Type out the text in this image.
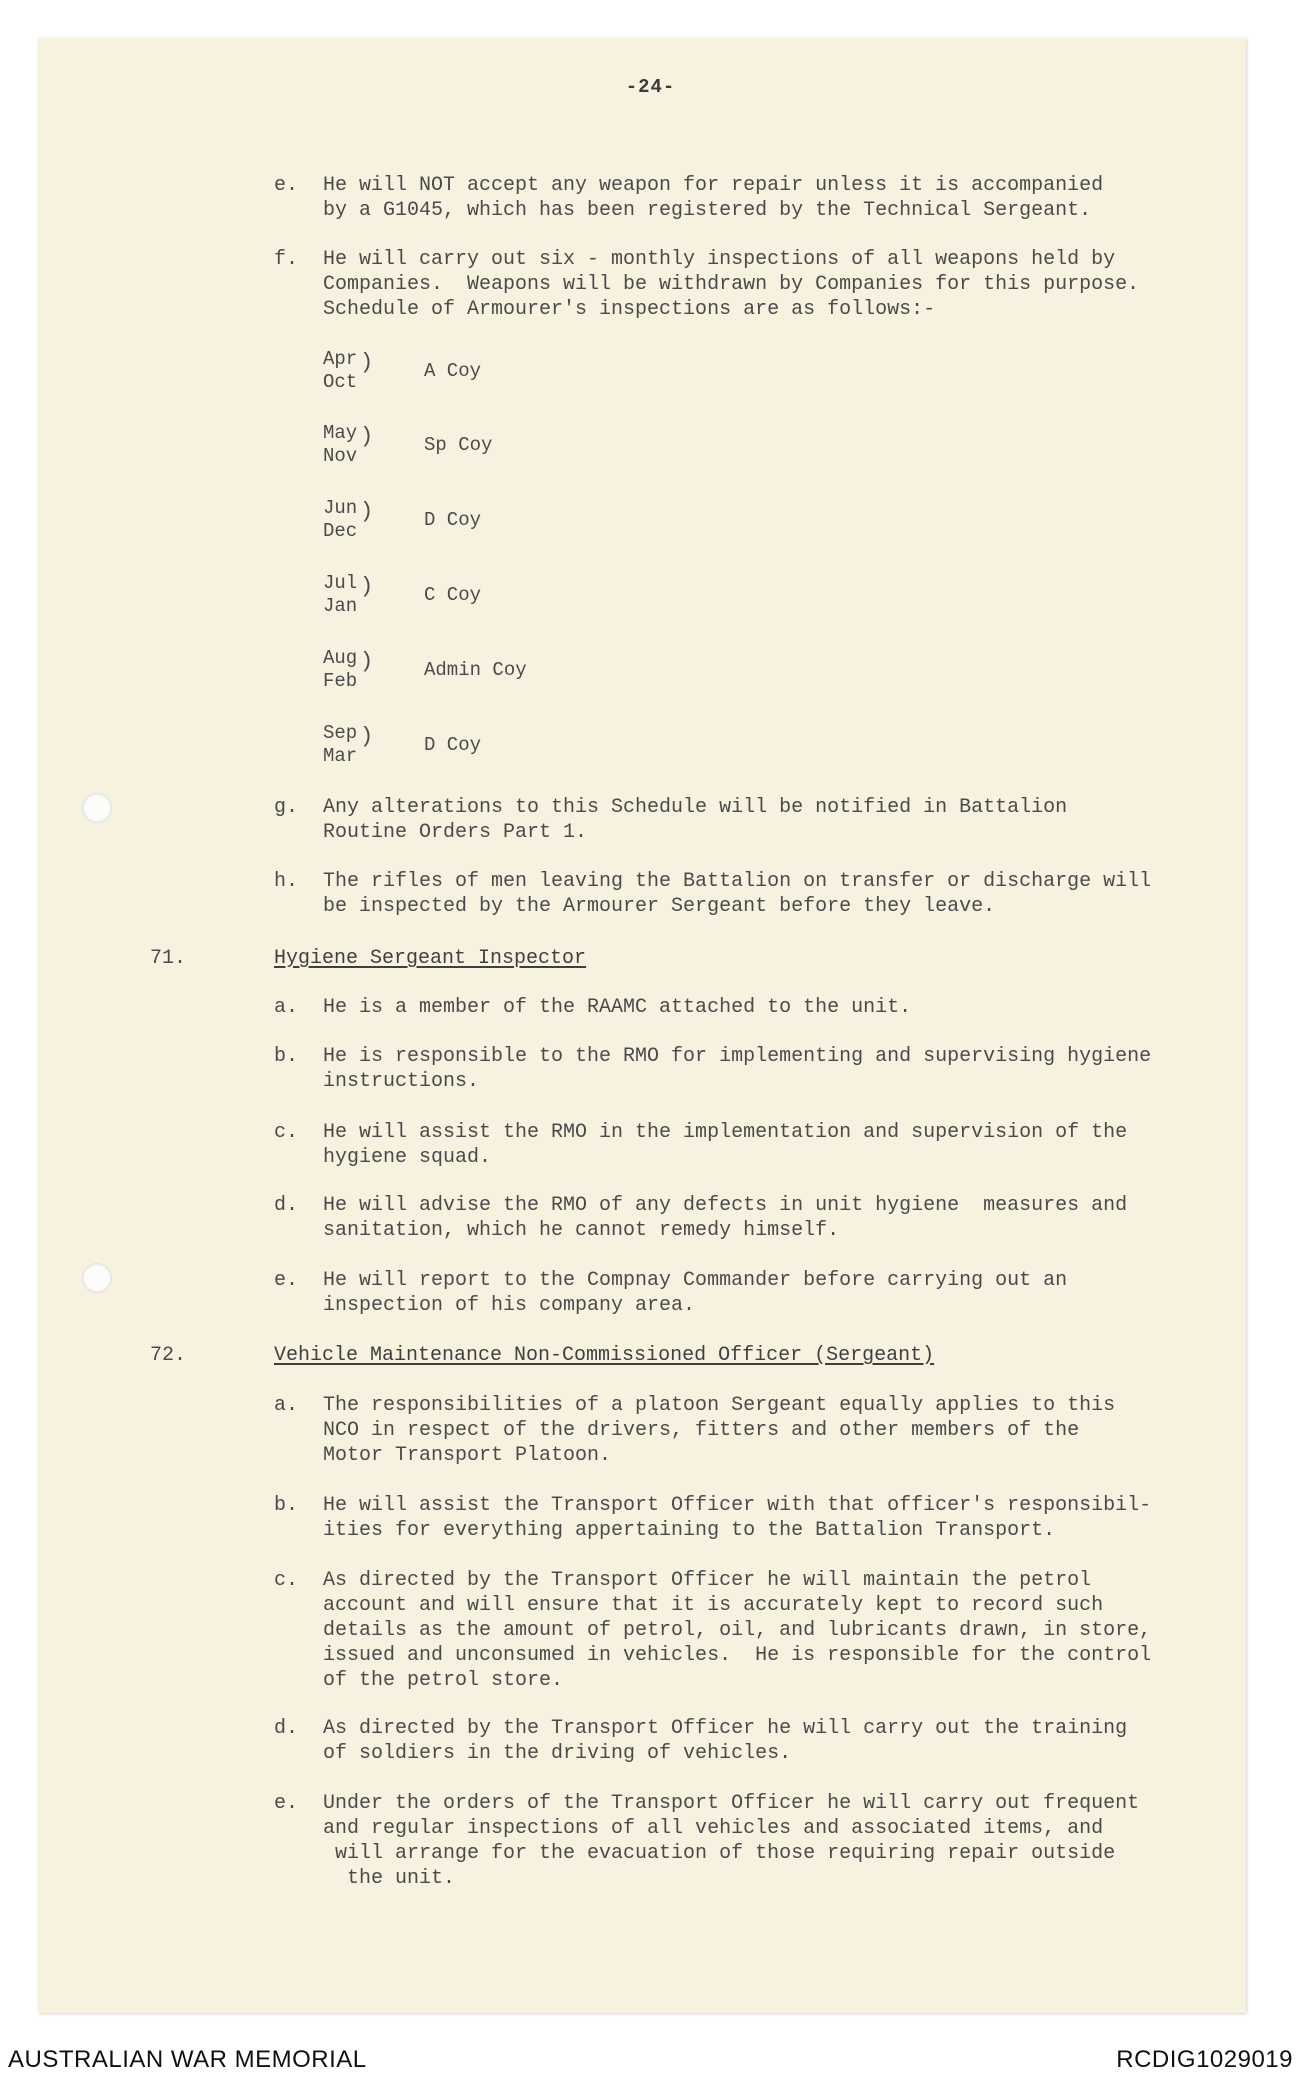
-24-
e. He will NOT accept any weapon for repair unless it is accompanied
by a G1045, which has been registered by the Technical Sergeant.
f. He will carry out six - monthly inspections of all weapons held by
Companies.  Weapons will be withdrawn by Companies for this purpose.
Schedule of Armourer's inspections are as follows:-
Apr
Oct
)	A Coy
May
Nov
)	Sp Coy
Jun
Dec
)	D Coy
Jul
Jan
)	C Coy
Aug
Feb
)	Admin Coy
Sep
Mar
)	D Coy
g. Any alterations to this Schedule will be notified in Battalion
Routine Orders Part 1.
h. The rifles of men leaving the Battalion on transfer or discharge will
be inspected by the Armourer Sergeant before they leave.
71.	Hygiene Sergeant Inspector
a. He is a member of the RAAMC attached to the unit.
b. He is responsible to the RMO for implementing and supervising hygiene
instructions.
c. He will assist the RMO in the implementation and supervision of the
hygiene squad.
d. He will advise the RMO of any defects in unit hygiene  measures and
sanitation, which he cannot remedy himself.
e. He will report to the Compnay Commander before carrying out an
inspection of his company area.
72.	Vehicle Maintenance Non-Commissioned Officer (Sergeant)
a. The responsibilities of a platoon Sergeant equally applies to this
NCO in respect of the drivers, fitters and other members of the
Motor Transport Platoon.
b. He will assist the Transport Officer with that officer's responsibil-
ities for everything appertaining to the Battalion Transport.
c. As directed by the Transport Officer he will maintain the petrol
account and will ensure that it is accurately kept to record such
details as the amount of petrol, oil, and lubricants drawn, in store,
issued and unconsumed in vehicles.  He is responsible for the control
of the petrol store.
d. As directed by the Transport Officer he will carry out the training
of soldiers in the driving of vehicles.
e. Under the orders of the Transport Officer he will carry out frequent
and regular inspections of all vehicles and associated items, and
will arrange for the evacuation of those requiring repair outside
the unit.
AUSTRALIAN WAR MEMORIAL	RCDIG1029019
